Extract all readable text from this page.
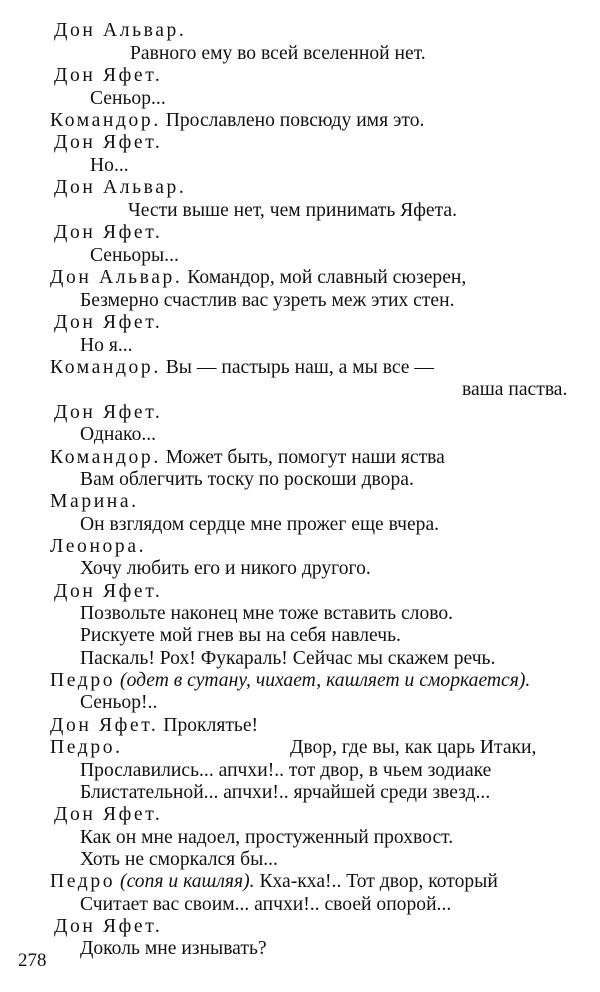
Дон Альвар.
Равного ему во всей вселенной нет.
Дон Яфет.
Сеньор...
Командор. Прославлено повсюду имя это.
Дон Яфет.
Но...
Дон Альвар.
Чести выше нет, чем принимать Яфета.
Дон Яфет.
Сеньоры...
Дон Альвар. Командор, мой славный сюзерен,
Безмерно счастлив вас узреть меж этих стен.
Дон Яфет.
Но я...
Командор. Вы — пастырь наш, а мы все —
ваша паства.
Дон Яфет.
Однако...
Командор. Может быть, помогут наши яства
Вам облегчить тоску по роскоши двора.
Марина.
Он взглядом сердце мне прожег еще вчера.
Леонора.
Хочу любить его и никого другого.
Дон Яфет.
Позвольте наконец мне тоже вставить слово.
Рискуете мой гнев вы на себя навлечь.
Паскаль! Рох! Фукараль! Сейчас мы скажем речь.
Педро (одет в сутану, чихает, кашляет и сморкается).
Сеньор!..
Дон Яфет. Проклятье!
Педро.	Двор, где вы, как царь Итаки,
Прославились... апчхи!.. тот двор, в чьем зодиаке
Блистательной... апчхи!.. ярчайшей среди звезд...
Дон Яфет.
Как он мне надоел, простуженный прохвост.
Хоть не сморкался бы...
Педро (сопя и кашляя). Кха-кха!.. Тот двор, который
Считает вас своим... апчхи!.. своей опорой...
Дон Яфет.
Доколь мне изнывать?
278
